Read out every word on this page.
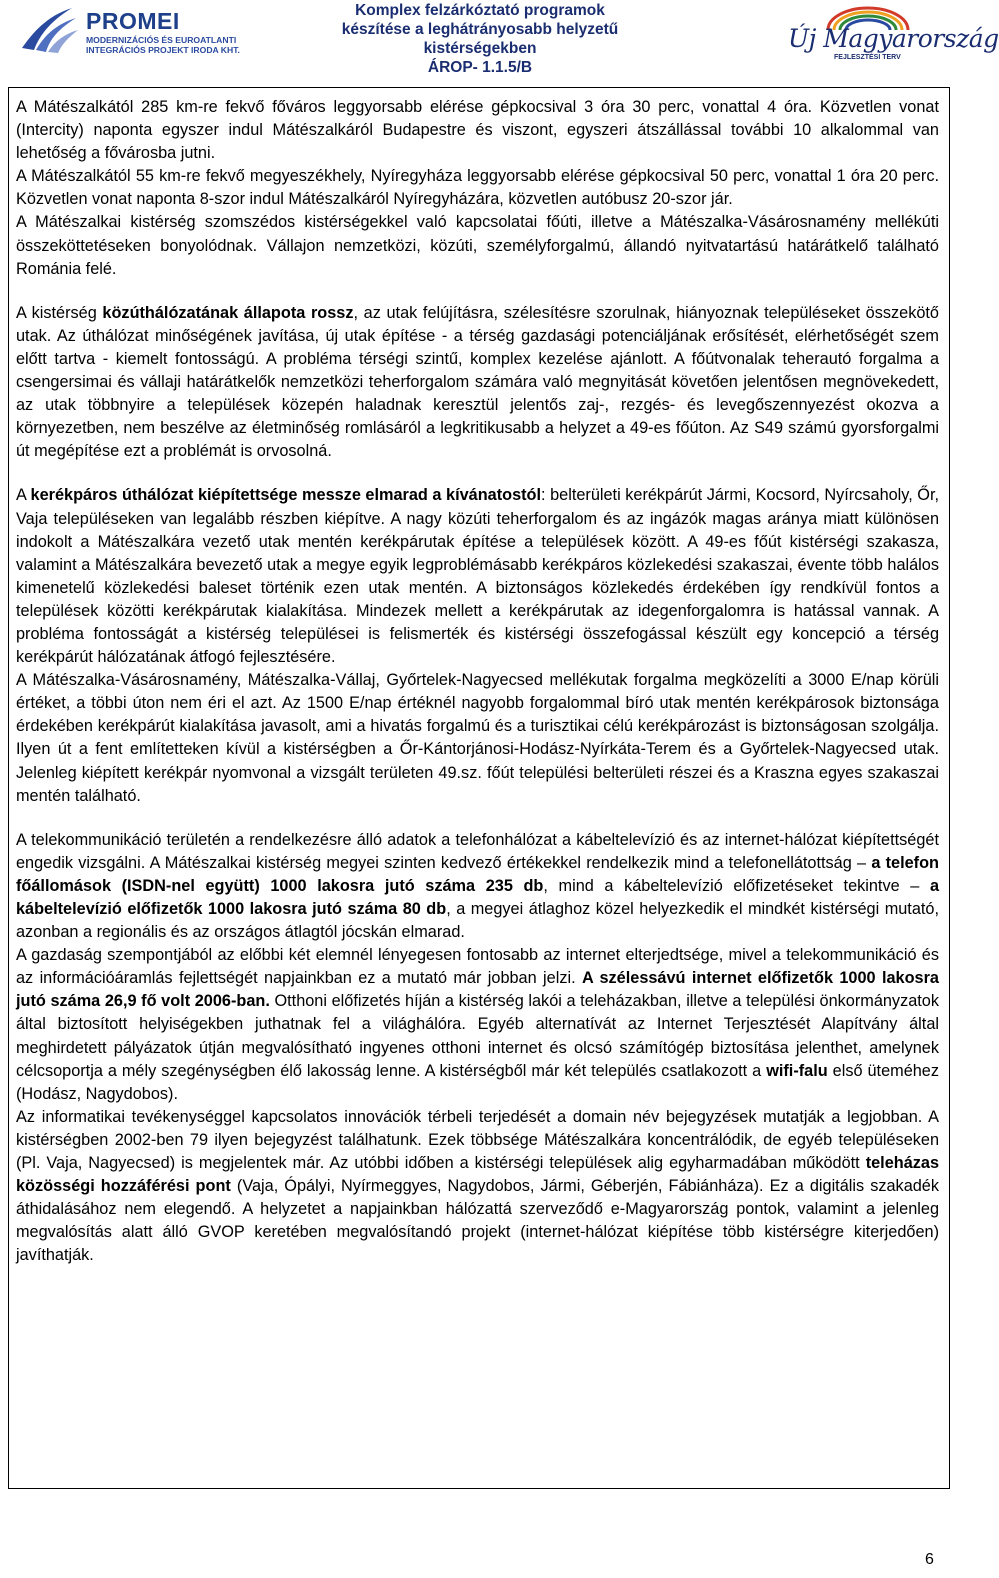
PROMEI
MODERNIZÁCIÓS ÉS EUROATLANTI
INTEGRÁCIÓS PROJEKT IRODA KHT.
Komplex felzárkóztató programok
készítése a leghátrányosabb helyzetű
kistérségekben
ÁROP- 1.1.5/B
Új Magyarország
FEJLESZTÉSI TERV

A Mátészalkától 285 km-re fekvő főváros leggyorsabb elérése gépkocsival 3 óra 30 perc, vonattal 4 óra. Közvetlen vonat (Intercity) naponta egyszer indul Mátészalkáról Budapestre és viszont, egyszeri átszállással további 10 alkalommal van lehetőség a fővárosba jutni.

A Mátészalkától 55 km-re fekvő megyeszékhely, Nyíregyháza leggyorsabb elérése gépkocsival 50 perc, vonattal 1 óra 20 perc. Közvetlen vonat naponta 8-szor indul Mátészalkáról Nyíregyházára, közvetlen autóbusz 20-szor jár.

A Mátészalkai kistérség szomszédos kistérségekkel való kapcsolatai főúti, illetve a Mátészalka-Vásárosnamény mellékúti összeköttetéseken bonyolódnak. Vállajon nemzetközi, közúti, személyforgalmú, állandó nyitvatartású határátkelő található Románia felé.

A kistérség közúthálózatának állapota rossz, az utak felújításra, szélesítésre szorulnak, hiányoznak településeket összekötő utak. Az úthálózat minőségének javítása, új utak építése - a térség gazdasági potenciáljának erősítését, elérhetőségét szem előtt tartva - kiemelt fontosságú. A probléma térségi szintű, komplex kezelése ajánlott. A főútvonalak teherautó forgalma a csengersimai és vállaji határátkelők nemzetközi teherforgalom számára való megnyitását követően jelentősen megnövekedett, az utak többnyire a települések közepén haladnak keresztül jelentős zaj-, rezgés- és levegőszennyezést okozva a környezetben, nem beszélve az életminőség romlásáról a legkritikusabb a helyzet a 49-es főúton. Az S49 számú gyorsforgalmi út megépítése ezt a problémát is orvosolná.

A kerékpáros úthálózat kiépítettsége messze elmarad a kívánatostól: belterületi kerékpárút Jármi, Kocsord, Nyírcsaholy, Őr, Vaja településeken van legalább részben kiépítve. A nagy közúti teherforgalom és az ingázók magas aránya miatt különösen indokolt a Mátészalkára vezető utak mentén kerékpárutak építése a települések között. A 49-es főút kistérségi szakasza, valamint a Mátészalkára bevezető utak a megye egyik legproblémásabb kerékpáros közlekedési szakaszai, évente több halálos kimenetelű közlekedési baleset történik ezen utak mentén. A biztonságos közlekedés érdekében így rendkívül fontos a települések közötti kerékpárutak kialakítása. Mindezek mellett a kerékpárutak az idegenforgalomra is hatással vannak. A probléma fontosságát a kistérség települései is felismerték és kistérségi összefogással készült egy koncepció a térség kerékpárút hálózatának átfogó fejlesztésére.

A Mátészalka-Vásárosnamény, Mátészalka-Vállaj, Győrtelek-Nagyecsed mellékutak forgalma megközelíti a 3000 E/nap körüli értéket, a többi úton nem éri el azt. Az 1500 E/nap értéknél nagyobb forgalommal bíró utak mentén kerékpárosok biztonsága érdekében kerékpárút kialakítása javasolt, ami a hivatás forgalmú és a turisztikai célú kerékpározást is biztonságosan szolgálja. Ilyen út a fent említetteken kívül a kistérségben a Őr-Kántorjánosi-Hodász-Nyírkáta-Terem és a Győrtelek-Nagyecsed utak. Jelenleg kiépített kerékpár nyomvonal a vizsgált területen 49.sz. főút települési belterületi részei és a Kraszna egyes szakaszai mentén található.

A telekommunikáció területén a rendelkezésre álló adatok a telefonhálózat a kábeltelevízió és az internet-hálózat kiépítettségét engedik vizsgálni. A Mátészalkai kistérség megyei szinten kedvező értékekkel rendelkezik mind a telefonellátottság – a telefon főállomások (ISDN-nel együtt) 1000 lakosra jutó száma 235 db, mind a kábeltelevízió előfizetéseket tekintve – a kábeltelevízió előfizetők 1000 lakosra jutó száma 80 db, a megyei átlaghoz közel helyezkedik el mindkét kistérségi mutató, azonban a regionális és az országos átlagtól jócskán elmarad.

A gazdaság szempontjából az előbbi két elemnél lényegesen fontosabb az internet elterjedtsége, mivel a telekommunikáció és az információáramlás fejlettségét napjainkban ez a mutató már jobban jelzi. A szélessávú internet előfizetők 1000 lakosra jutó száma 26,9 fő volt 2006-ban. Otthoni előfizetés híján a kistérség lakói a teleházakban, illetve a települési önkormányzatok által biztosított helyiségekben juthatnak fel a világhálóra. Egyéb alternatívát az Internet Terjesztését Alapítvány által meghirdetett pályázatok útján megvalósítható ingyenes otthoni internet és olcsó számítógép biztosítása jelenthet, amelynek célcsoportja a mély szegénységben élő lakosság lenne. A kistérségből már két település csatlakozott a wifi-falu első üteméhez (Hodász, Nagydobos).

Az informatikai tevékenységgel kapcsolatos innovációk térbeli terjedését a domain név bejegyzések mutatják a legjobban. A kistérségben 2002-ben 79 ilyen bejegyzést találhatunk. Ezek többsége Mátészalkára koncentrálódik, de egyéb településeken (Pl. Vaja, Nagyecsed) is megjelentek már. Az utóbbi időben a kistérségi települések alig egyharmadában működött teleházas közösségi hozzáférési pont (Vaja, Ópályi, Nyírmeggyes, Nagydobos, Jármi, Géberjén, Fábiánháza). Ez a digitális szakadék áthidalásához nem elegendő. A helyzetet a napjainkban hálózattá szerveződő e-Magyarország pontok, valamint a jelenleg megvalósítás alatt álló GVOP keretében megvalósítandó projekt (internet-hálózat kiépítése több kistérségre kiterjedően) javíthatják.

6
